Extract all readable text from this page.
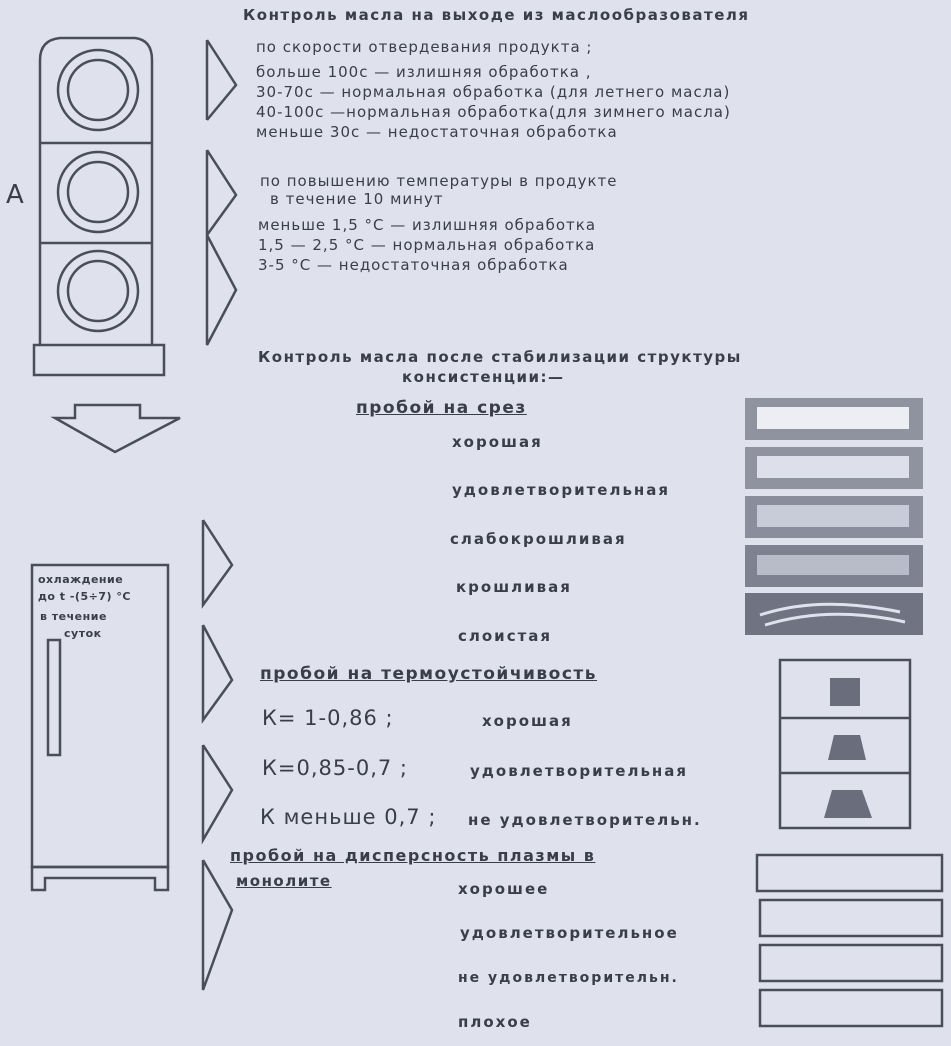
Контроль масла на выходе из маслообразователя
по скорости отвердевания продукта ;
больше 100с — излишняя обработка ,
30-70с — нормальная обработка (для летнего масла)
40-100с —нормальная обработка(для зимнего масла)
меньше 30с — недостаточная обработка
по повышению температуры в продукте
в течение 10 минут
меньше 1,5 °С — излишняя обработка
1,5 — 2,5 °С — нормальная обработка
3-5 °С — недостаточная обработка
А
Контроль масла после стабилизации структуры
консистенции:—
пробой на срез
хорошая
удовлетворительная
слабокрошливая
крошливая
слоистая
пробой на термоустойчивость
К= 1-0,86 ;	хорошая
К=0,85-0,7 ;	удовлетворительная
К меньше 0,7 ; не удовлетворительн.
пробой на дисперсность плазмы в
монолите	хорошее
удовлетворительное
не удовлетворительн.
плохое
охлаждение
до t -(5÷7) °С
в течение
суток
